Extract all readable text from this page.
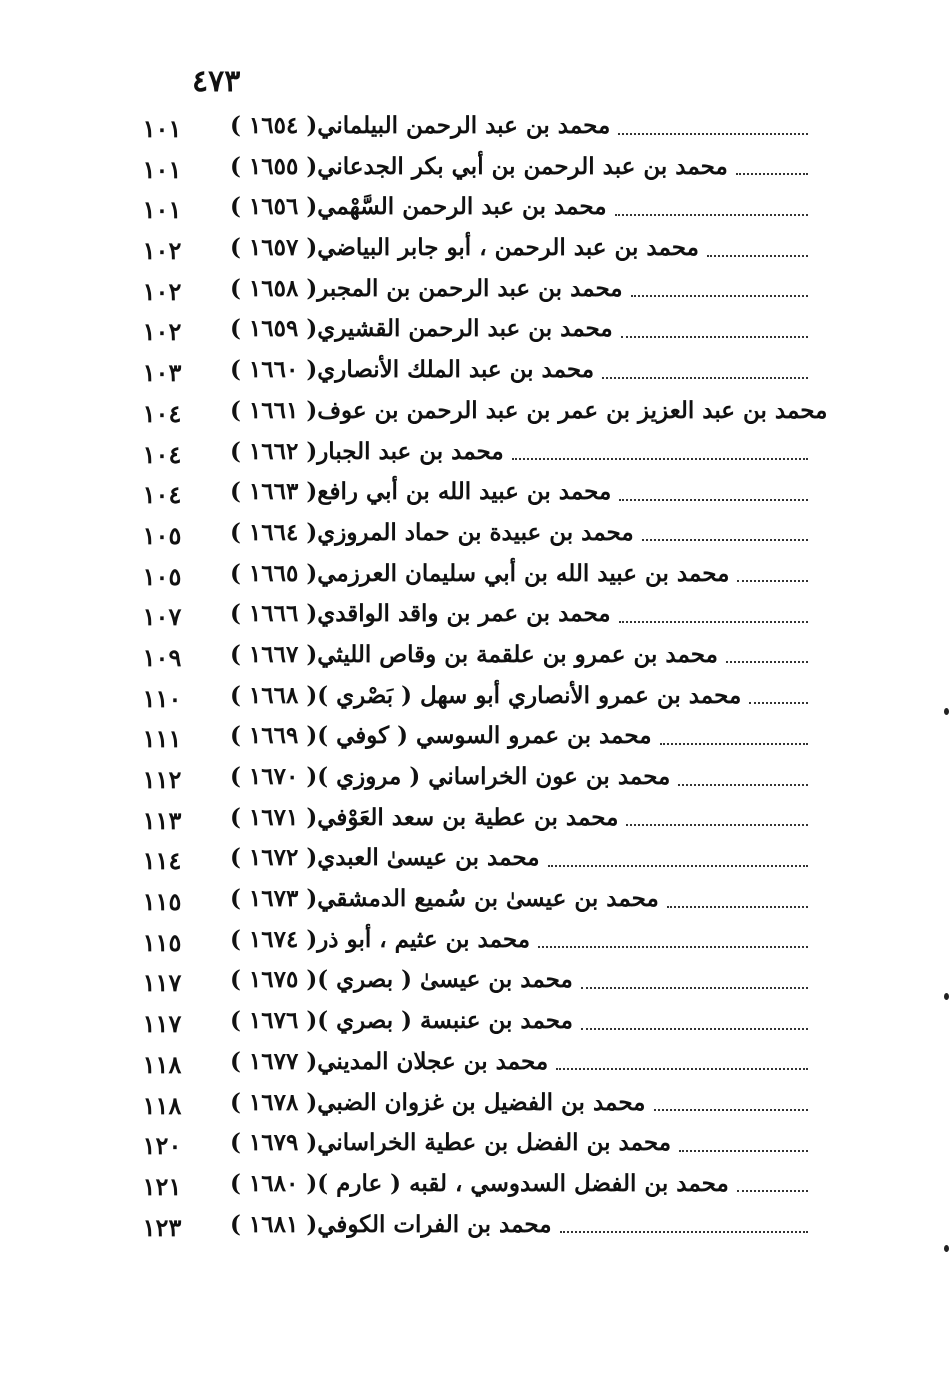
٤٧٣
١٠١	( ١٦٥٤ ) محمد بن عبد الرحمن البيلماني
١٠١	( ١٦٥٥ ) محمد بن عبد الرحمن بن أبي بكر الجدعاني
١٠١	( ١٦٥٦ ) محمد بن عبد الرحمن السَّهْمي
١٠٢	( ١٦٥٧ ) محمد بن عبد الرحمن ، أبو جابر البياضي
١٠٢	( ١٦٥٨ ) محمد بن عبد الرحمن بن المجبر
١٠٢	( ١٦٥٩ ) محمد بن عبد الرحمن القشيري
١٠٣	( ١٦٦٠ ) محمد بن عبد الملك الأنصاري
١٠٤	( ١٦٦١ ) محمد بن عبد العزيز بن عمر بن عبد الرحمن بن عوف
١٠٤	( ١٦٦٢ ) محمد بن عبد الجبار
١٠٤	( ١٦٦٣ ) محمد بن عبيد الله بن أبي رافع
١٠٥	( ١٦٦٤ ) محمد بن عبيدة بن حماد المروزي
١٠٥	( ١٦٦٥ ) محمد بن عبيد الله بن أبي سليمان العرزمي
١٠٧	( ١٦٦٦ ) محمد بن عمر بن واقد الواقدي
١٠٩	( ١٦٦٧ ) محمد بن عمرو بن علقمة بن وقاص الليثي
١١٠	( ١٦٦٨ ) محمد بن عمرو الأنصاري أبو سهل ( بَصْري )
١١١	( ١٦٦٩ ) محمد بن عمرو السوسي ( كوفي )
١١٢	( ١٦٧٠ ) محمد بن عون الخراساني ( مروزي )
١١٣	( ١٦٧١ ) محمد بن عطية بن سعد العَوْفي
١١٤	( ١٦٧٢ ) محمد بن عيسىٰ العبدي
١١٥	( ١٦٧٣ ) محمد بن عيسىٰ بن سُميع الدمشقي
١١٥	( ١٦٧٤ ) محمد بن عثيم ، أبو ذر
١١٧	( ١٦٧٥ ) محمد بن عيسىٰ ( بصري )
١١٧	( ١٦٧٦ ) محمد بن عنبسة ( بصري )
١١٨	( ١٦٧٧ ) محمد بن عجلان المديني
١١٨	( ١٦٧٨ ) محمد بن الفضيل بن غزوان الضبي
١٢٠	( ١٦٧٩ ) محمد بن الفضل بن عطية الخراساني
١٢١	( ١٦٨٠ ) محمد بن الفضل السدوسي ، لقبه ( عارم )
١٢٣	( ١٦٨١ ) محمد بن الفرات الكوفي
